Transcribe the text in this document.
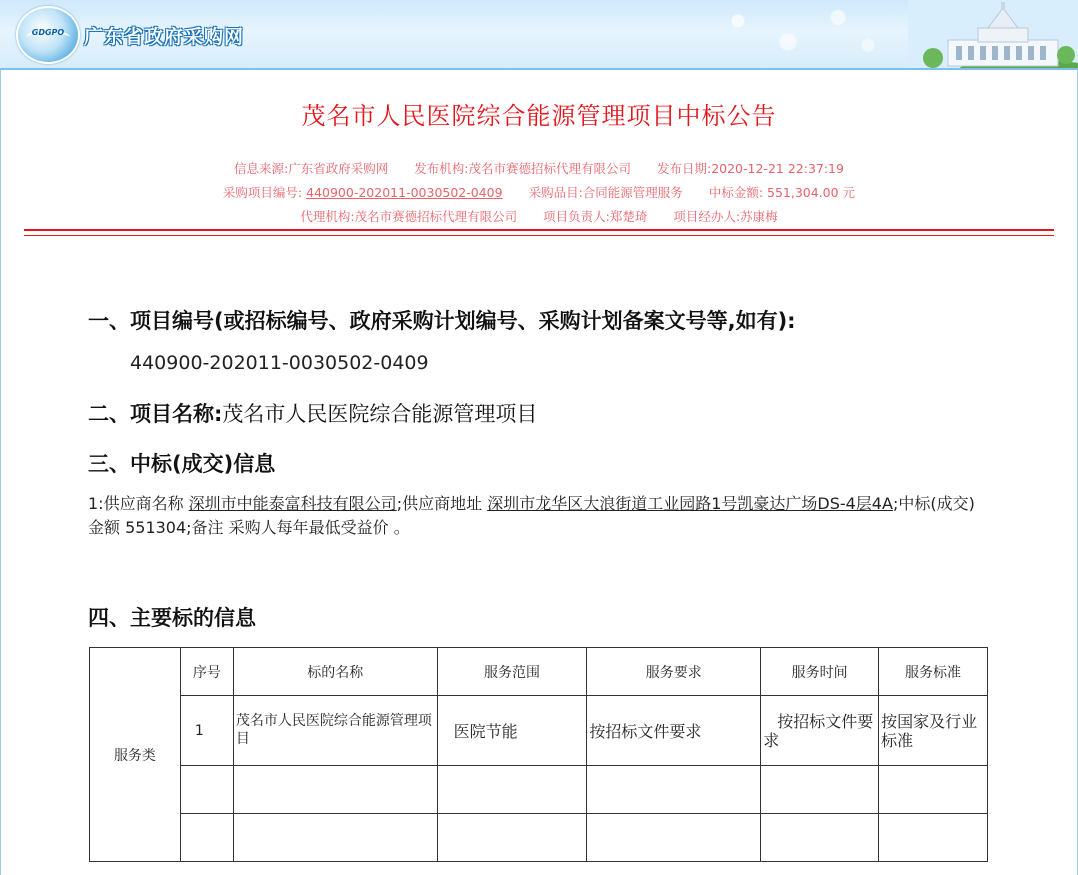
GDGPO	广东省政府采购网
茂名市人民医院综合能源管理项目中标公告
信息来源:广东省政府采购网 发布机构:茂名市赛德招标代理有限公司 发布日期:2020-12-21 22:37:19
采购项目编号: 440900-202011-0030502-0409 采购品目:合同能源管理服务 中标金额: 551,304.00 元
代理机构:茂名市赛德招标代理有限公司 项目负责人:郑楚琦 项目经办人:苏康梅
一、项目编号(或招标编号、政府采购计划编号、采购计划备案文号等,如有):
440900-202011-0030502-0409
二、项目名称:茂名市人民医院综合能源管理项目
三、中标(成交)信息
1:供应商名称 深圳市中能泰富科技有限公司;供应商地址 深圳市龙华区大浪街道工业园路1号凯豪达广场DS-4层4A;中标(成交)金额 551304;备注 采购人每年最低受益价 。
四、主要标的信息
服务类	序号	标的名称	服务范围	服务要求	服务时间	服务标准
	1	茂名市人民医院综合能源管理项目	医院节能	按招标文件要求	按招标文件要求	按国家及行业标准
